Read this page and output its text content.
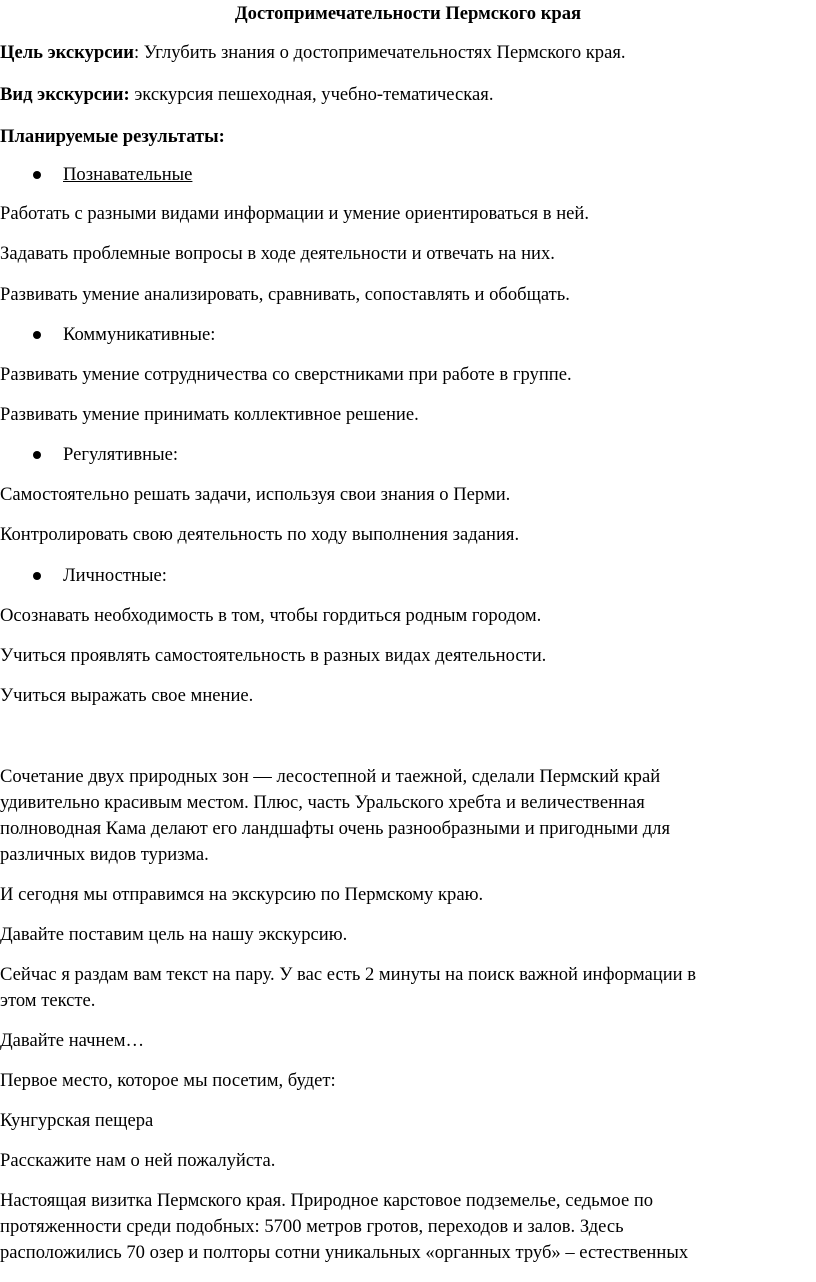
Достопримечательности Пермского края
Цель экскурсии: Углубить знания о достопримечательностях Пермского края.
Вид экскурсии: экскурсия пешеходная, учебно-тематическая.
Планируемые результаты:
Познавательные
Работать с разными видами информации и умение ориентироваться в ней.
Задавать проблемные вопросы в ходе деятельности и отвечать на них.
Развивать умение анализировать, сравнивать, сопоставлять и обобщать.
Коммуникативные:
Развивать умение сотрудничества со сверстниками при работе в группе.
Развивать умение принимать коллективное решение.
Регулятивные:
Самостоятельно решать задачи, используя свои знания о Перми.
Контролировать свою деятельность по ходу выполнения задания.
Личностные:
Осознавать необходимость в том, чтобы гордиться родным городом.
Учиться проявлять самостоятельность в разных видах деятельности.
Учиться выражать свое мнение.
Сочетание двух природных зон — лесостепной и таежной, сделали Пермский край
удивительно красивым местом. Плюс, часть Уральского хребта и величественная
полноводная Кама делают его ландшафты очень разнообразными и пригодными для
различных видов туризма.
И сегодня мы отправимся на экскурсию по Пермскому краю.
Давайте поставим цель на нашу экскурсию.
Сейчас я раздам вам текст на пару. У вас есть 2 минуты на поиск важной информации в
этом тексте.
Давайте начнем…
Первое место, которое мы посетим, будет:
Кунгурская пещера
Расскажите нам о ней пожалуйста.
Настоящая визитка Пермского края. Природное карстовое подземелье, седьмое по
протяженности среди подобных: 5700 метров гротов, переходов и залов. Здесь
расположились 70 озер и полторы сотни уникальных «органных труб» – естественных
